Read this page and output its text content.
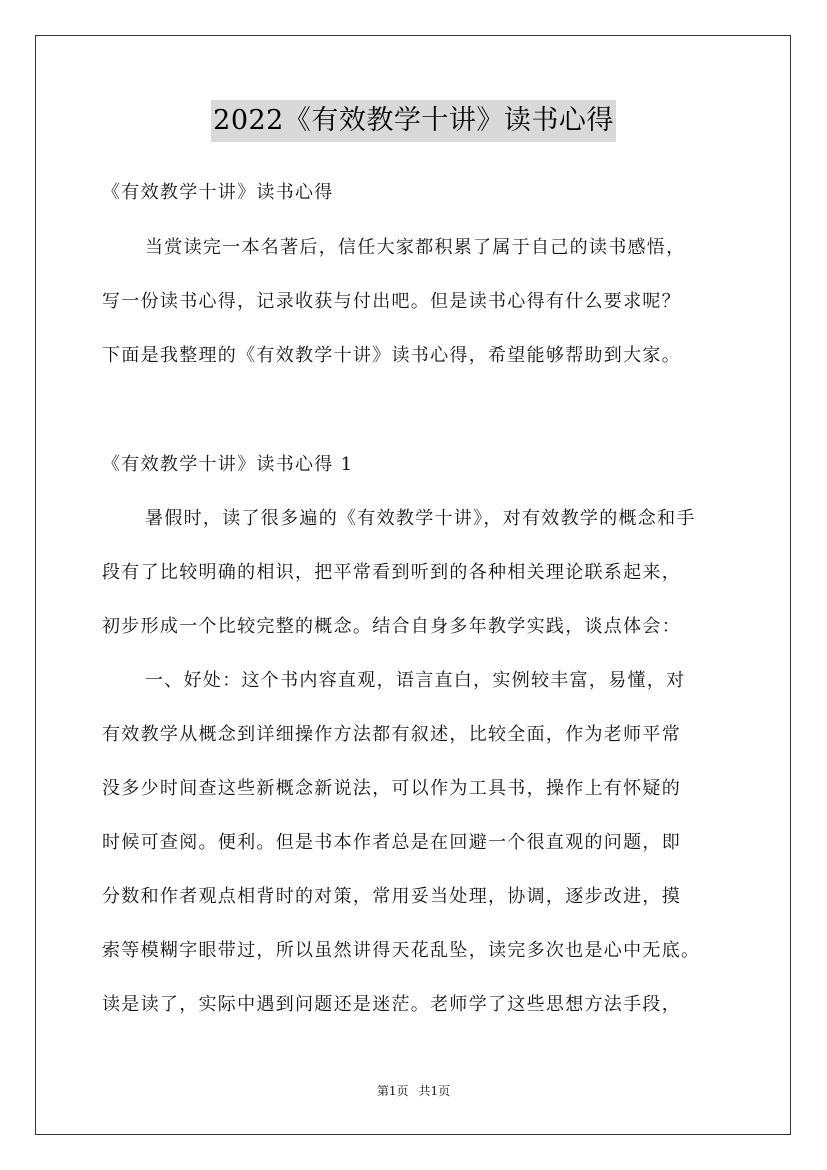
2022《有效教学十讲》读书心得
《有效教学十讲》读书心得
当赏读完一本名著后，信任大家都积累了属于自己的读书感悟，
写一份读书心得，记录收获与付出吧。但是读书心得有什么要求呢？
下面是我整理的《有效教学十讲》读书心得，希望能够帮助到大家。
《有效教学十讲》读书心得 1
暑假时，读了很多遍的《有效教学十讲》，对有效教学的概念和手
段有了比较明确的相识，把平常看到听到的各种相关理论联系起来，
初步形成一个比较完整的概念。结合自身多年教学实践，谈点体会：
一、好处：这个书内容直观，语言直白，实例较丰富，易懂，对
有效教学从概念到详细操作方法都有叙述，比较全面，作为老师平常
没多少时间查这些新概念新说法，可以作为工具书，操作上有怀疑的
时候可查阅。便利。但是书本作者总是在回避一个很直观的问题，即
分数和作者观点相背时的对策，常用妥当处理，协调，逐步改进，摸
索等模糊字眼带过，所以虽然讲得天花乱坠，读完多次也是心中无底。
读是读了，实际中遇到问题还是迷茫。老师学了这些思想方法手段，
第1页 共1页
